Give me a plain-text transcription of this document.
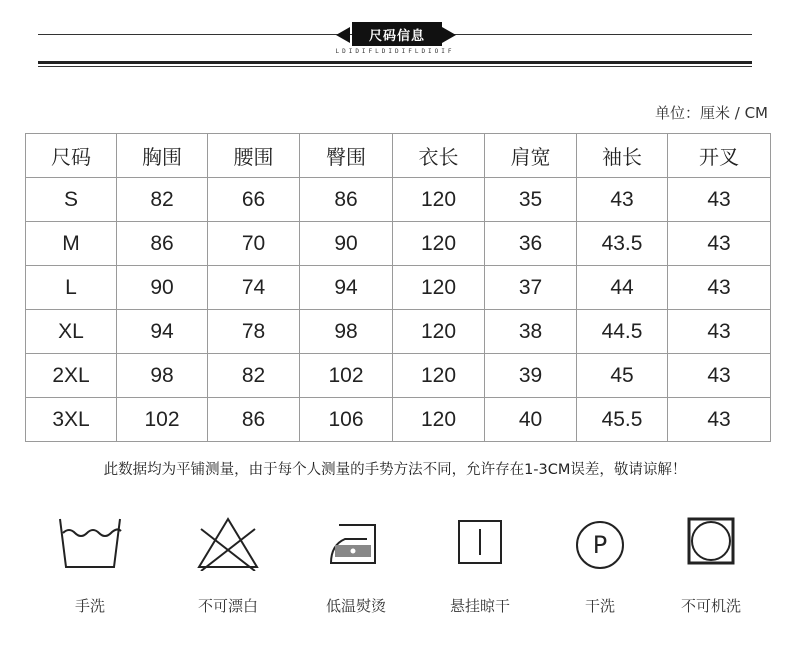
尺码信息
LDIDIFLDIDIFLDIOIF
单位：厘米 / CM
尺码	胸围	腰围	臀围	衣长	肩宽	袖长	开叉
S	82	66	86	120	35	43	43
M	86	70	90	120	36	43.5	43
L	90	74	94	120	37	44	43
XL	94	78	98	120	38	44.5	43
2XL	98	82	102	120	39	45	43
3XL	102	86	106	120	40	45.5	43
此数据均为平铺测量，由于每个人测量的手势方法不同，允许存在1-3CM误差，敬请谅解！
手洗	不可漂白	低温熨烫	悬挂晾干
P
干洗	不可机洗
